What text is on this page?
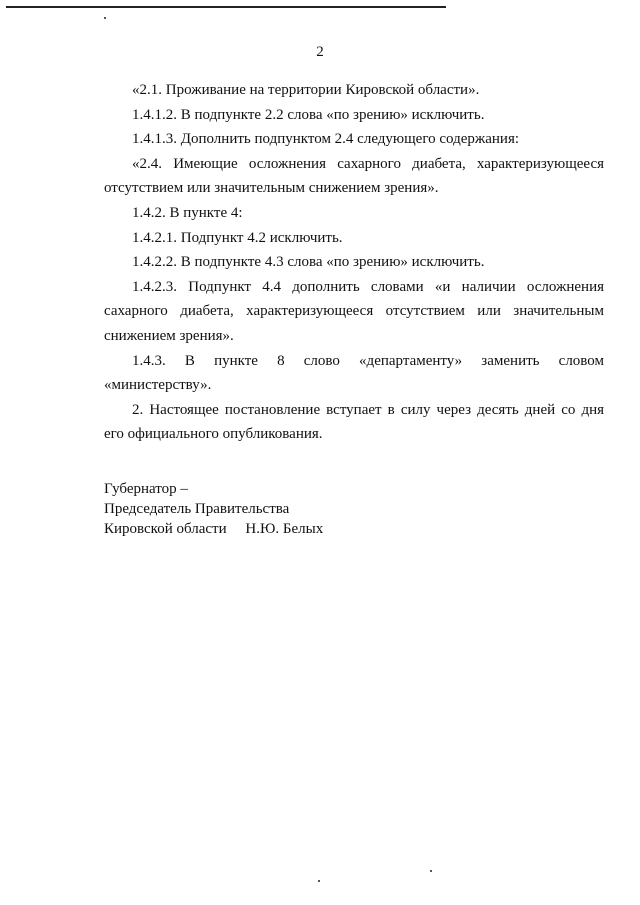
2

«2.1. Проживание на территории Кировской области».

1.4.1.2. В подпункте 2.2 слова «по зрению» исключить.

1.4.1.3. Дополнить подпунктом 2.4 следующего содержания:

«2.4. Имеющие осложнения сахарного диабета, характеризующееся отсутствием или значительным снижением зрения».

1.4.2. В пункте 4:

1.4.2.1. Подпункт 4.2 исключить.

1.4.2.2. В подпункте 4.3 слова «по зрению» исключить.

1.4.2.3. Подпункт 4.4 дополнить словами «и наличии осложнения сахарного диабета, характеризующееся отсутствием или значительным снижением зрения».

1.4.3. В пункте 8 слово «департаменту» заменить словом «министерству».

2. Настоящее постановление вступает в силу через десять дней со дня его официального опубликования.

Губернатор –
Председатель Правительства
Кировской области     Н.Ю. Белых
